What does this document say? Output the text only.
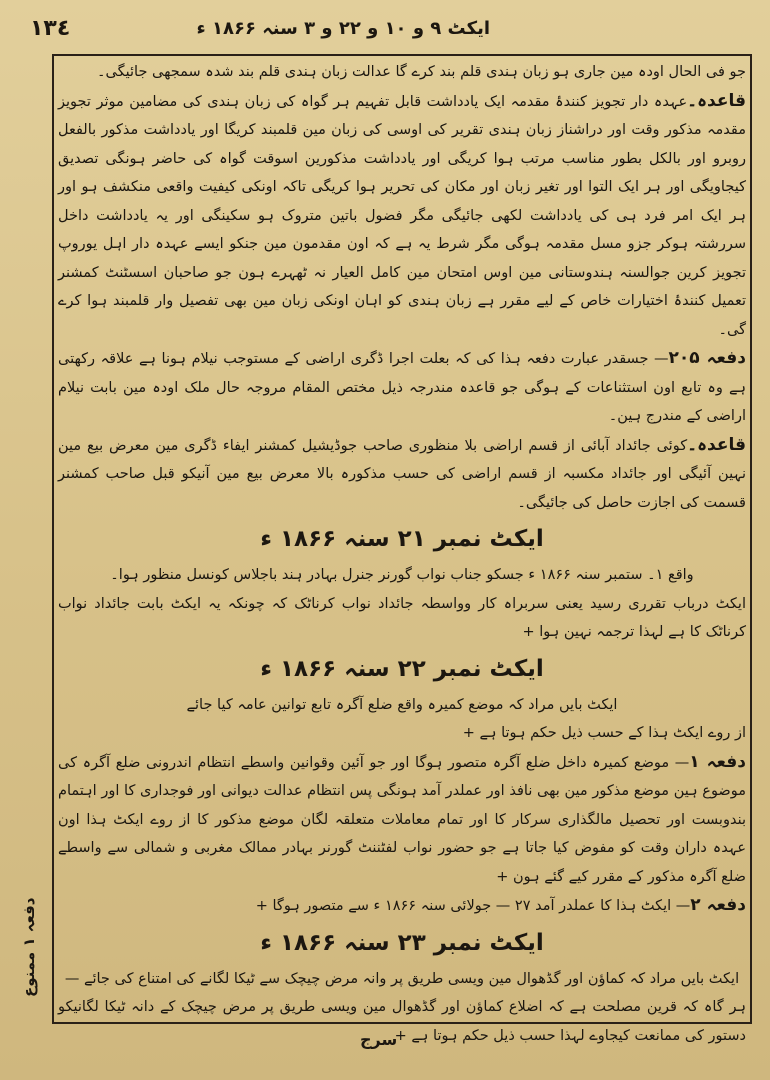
١٣٤	ایکٹ ۹ و ۱۰ و ۲۲ و ۳ سنہ ۱۸۶۶ ء

جو فی الحال اودہ مین جاری ہو زبان ہندی قلم بند کرے گا عدالت زبان ہندی قلم بند شدہ سمجھی جائیگی۔

قاعدہ۔عہدہ دار تجویز کنندۂ مقدمہ ایک یادداشت قابل تفہیم ہر گواہ کی زبان ہندی کی مضامین موثر تجویز مقدمہ مذکور وقت اور دراشناز زبان ہندی تقریر کی اوسی کی زبان مین قلمبند کریگا اور یادداشت مذکور بالفعل روبرو اور بالکل بطور مناسب مرتب ہوا کریگی اور یادداشت مذکورین اسوقت گواہ کی حاضر ہونگی تصدیق کیجاویگی اور ہر ایک التوا اور تغیر زبان اور مکان کی تحریر ہوا کریگی تاکہ اونکی کیفیت واقعی منکشف ہو اور ہر ایک امر فرد ہی کی یادداشت لکھی جائیگی مگر فضول باتین متروک ہو سکینگی اور یہ یادداشت داخل سررشتہ ہوکر جزو مسل مقدمہ ہوگی مگر شرط یہ ہے کہ اون مقدمون مین جنکو ایسے عہدہ دار اہل یوروپ تجویز کرین جوالسنہ ہندوستانی مین اوس امتحان مین کامل العیار نہ ٹھہرے ہون جو صاحبان اسسٹنٹ کمشنر تعمیل کنندۂ اختیارات خاص کے لیے مقرر ہے زبان ہندی کو اہان اونکی زبان مین بھی تفصیل وار قلمبند ہوا کرے گی۔

دفعہ ۲۰۵— جسقدر عبارت دفعہ ہذا کی کہ بعلت اجرا ڈگری اراضی کے مستوجب نیلام ہونا ہے علاقہ رکھتی ہے وہ تابع اون استثناعات کے ہوگی جو قاعدہ مندرجہ ذیل مختص المقام مروجہ حال ملک اودہ مین بابت نیلام اراضی کے مندرج ہین۔

قاعدہ۔کوئی جائداد آبائی از قسم اراضی بلا منظوری صاحب جوڈیشیل کمشنر ایفاء ڈگری مین معرض بیع مین نہین آئیگی اور جائداد مکسبہ از قسم اراضی کی حسب مذکورہ بالا معرض بیع مین آنیکو قبل صاحب کمشنر قسمت کی اجازت حاصل کی جائیگی۔

ایکٹ نمبر ۲۱ سنہ ۱۸۶۶ ء

واقع ۱۔ ستمبر سنہ ۱۸۶۶ ء جسکو جناب نواب گورنر جنرل بہادر ہند باجلاس کونسل منظور ہوا۔

ایکٹ درباب تقرری رسید یعنی سربراہ کار وواسطہ جائداد نواب کرناٹک کہ چونکہ یہ ایکٹ بابت جائداد نواب کرناٹک کا ہے لہذا ترجمہ نہین ہوا +

ایکٹ نمبر ۲۲ سنہ ۱۸۶۶ ء

ایکٹ بایں مراد کہ موضع کمیرہ واقع ضلع آگرہ تابع توانین عامہ کیا جائے

از روے ایکٹ ہذا کے حسب ذیل حکم ہوتا ہے +

دفعہ ۱— موضع کمیرہ داخل ضلع آگرہ متصور ہوگا اور جو آئین وقوانین واسطے انتظام اندرونی ضلع آگرہ کی موضوع ہین موضع مذکور مین بھی نافذ اور عملدر آمد ہونگی پس انتظام عدالت دیوانی اور فوجداری کا اور اہتمام بندوبست اور تحصیل مالگذاری سرکار کا اور تمام معاملات متعلقہ لگان موضع مذکور کا از روے ایکٹ ہذا اون عہدہ داران وقت کو مفوض کیا جاتا ہے جو حضور نواب لفٹننٹ گورنر بہادر ممالک مغربی و شمالی سے واسطے ضلع آگرہ مذکور کے مقرر کیے گئے ہون +

دفعہ ۲— ایکٹ ہذا کا عملدر آمد ۲۷ — جولائی سنہ ۱۸۶۶ ء سے متصور ہوگا +

ایکٹ نمبر ۲۳ سنہ ۱۸۶۶ ء

ایکٹ بایں مراد کہ کماؤن اور گڈھوال مین ویسی طریق پر وانہ مرض چیچک سے ٹیکا لگانے کی امتناع کی جائے —

ہر گاہ کہ قرین مصلحت ہے کہ اضلاع کماؤن اور گڈھوال مین ویسی طریق پر مرض چیچک کے دانہ ٹیکا لگانیکو دستور کی ممانعت کیجاوے لہذا حسب ذیل حکم ہوتا ہے +

دفعہ ۱ ممنوع
سرج
